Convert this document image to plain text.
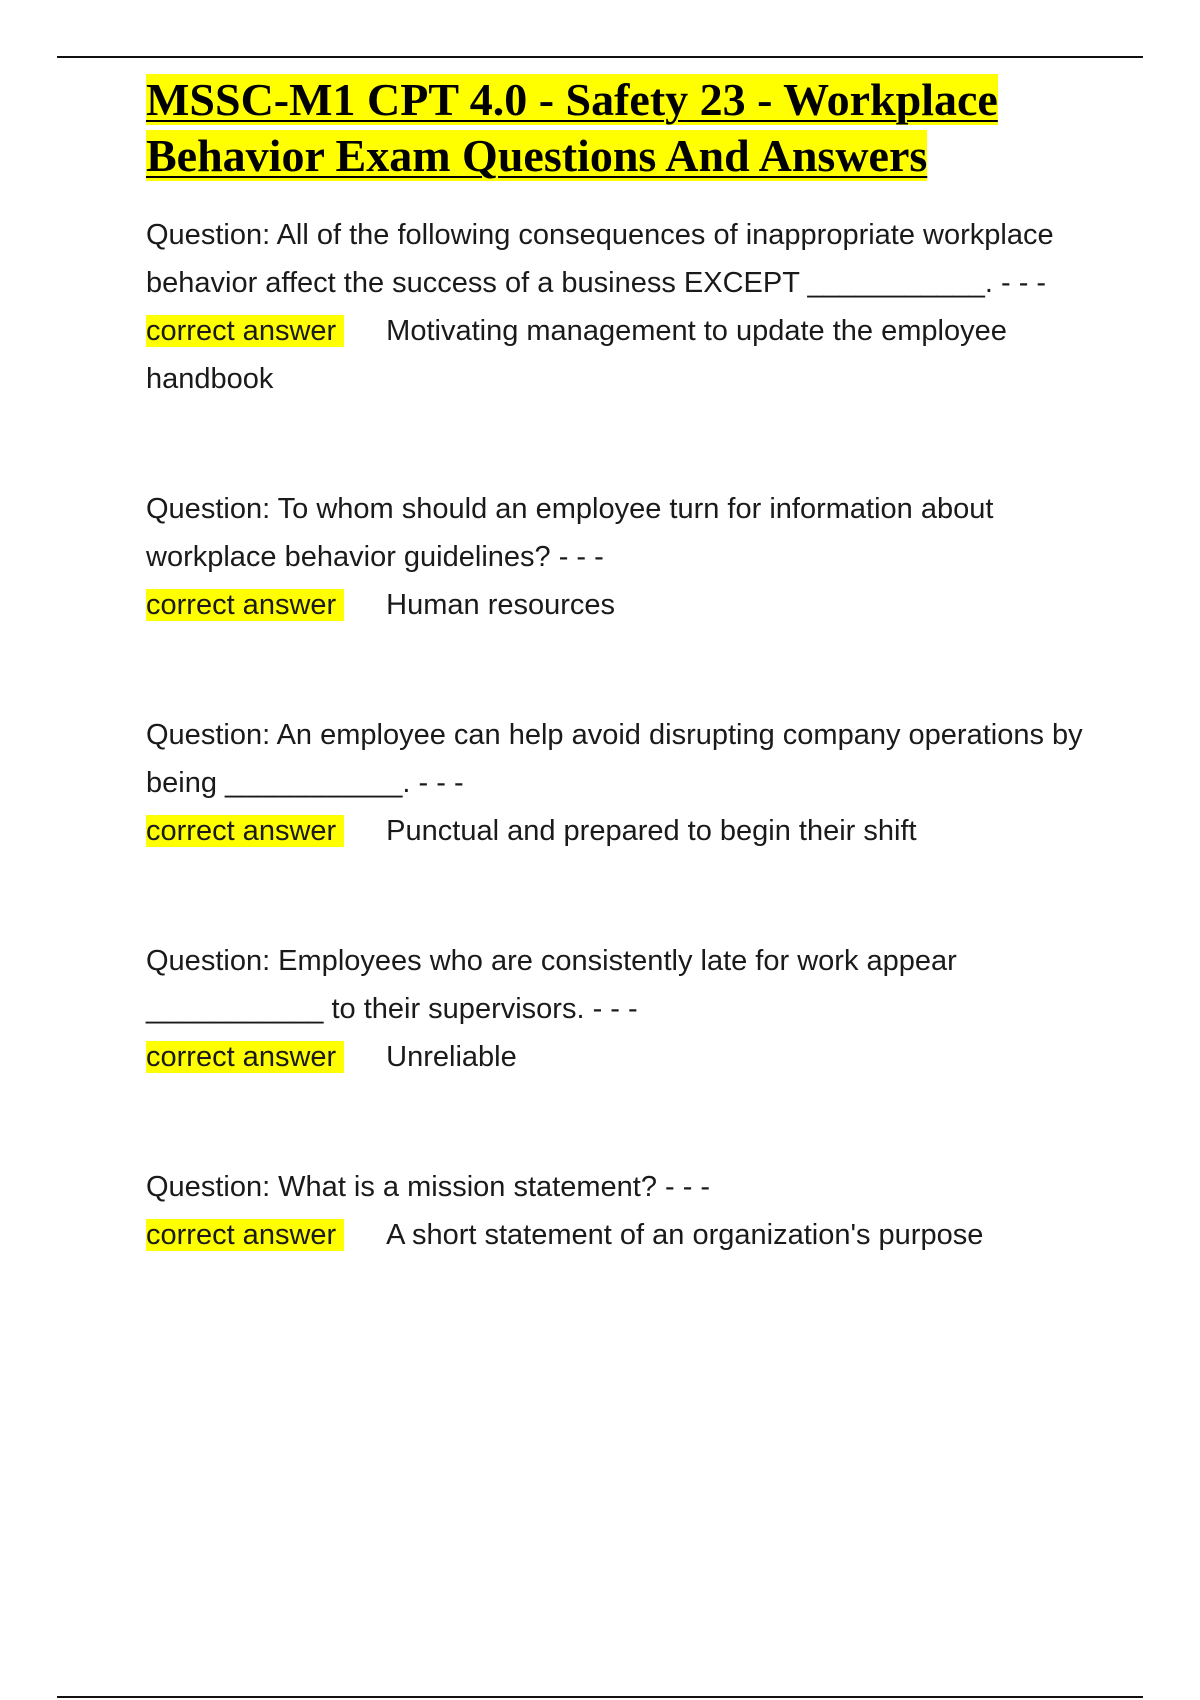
MSSC-M1 CPT 4.0 - Safety 23 - Workplace Behavior Exam Questions And Answers

Question: All of the following consequences of inappropriate workplace behavior affect the success of a business EXCEPT ___________. - - -

correct answer Motivating management to update the employee handbook

Question: To whom should an employee turn for information about workplace behavior guidelines? - - -

correct answer Human resources

Question: An employee can help avoid disrupting company operations by being ___________. - - -

correct answer Punctual and prepared to begin their shift

Question: Employees who are consistently late for work appear ___________ to their supervisors. - - -

correct answer Unreliable

Question: What is a mission statement? - - -

correct answer A short statement of an organization's purpose
